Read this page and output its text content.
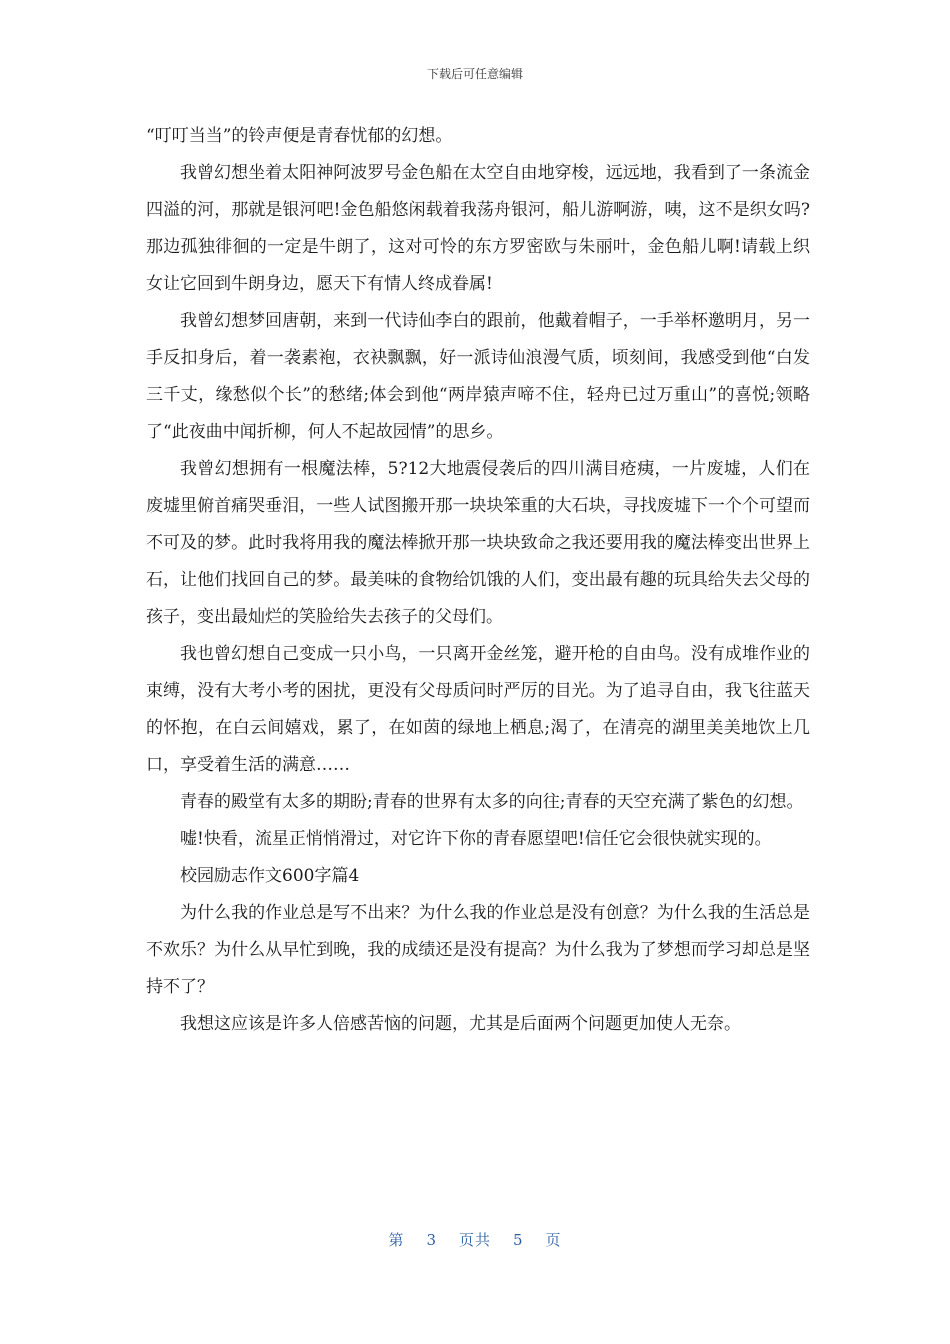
下载后可任意编辑

“叮叮当当”的铃声便是青春忧郁的幻想。

我曾幻想坐着太阳神阿波罗号金色船在太空自由地穿梭，远远地，我看到了一条流金四溢的河，那就是银河吧!金色船悠闲载着我荡舟银河，船儿游啊游，咦，这不是织女吗?那边孤独徘徊的一定是牛朗了，这对可怜的东方罗密欧与朱丽叶，金色船儿啊!请载上织女让它回到牛朗身边，愿天下有情人终成眷属!

我曾幻想梦回唐朝，来到一代诗仙李白的跟前，他戴着帽子，一手举杯邀明月，另一手反扣身后，着一袭素袍，衣袂飘飘，好一派诗仙浪漫气质，顷刻间，我感受到他“白发三千丈，缘愁似个长”的愁绪;体会到他“两岸猿声啼不住，轻舟已过万重山”的喜悦;领略了“此夜曲中闻折柳，何人不起故园情”的思乡。

我曾幻想拥有一根魔法棒，5?12大地震侵袭后的四川满目疮痍，一片废墟，人们在废墟里俯首痛哭垂泪，一些人试图搬开那一块块笨重的大石块，寻找废墟下一个个可望而不可及的梦。此时我将用我的魔法棒掀开那一块块致命之我还要用我的魔法棒变出世界上石，让他们找回自己的梦。最美味的食物给饥饿的人们，变出最有趣的玩具给失去父母的孩子，变出最灿烂的笑脸给失去孩子的父母们。

我也曾幻想自己变成一只小鸟，一只离开金丝笼，避开枪的自由鸟。没有成堆作业的束缚，没有大考小考的困扰，更没有父母质问时严厉的目光。为了追寻自由，我飞往蓝天的怀抱，在白云间嬉戏，累了，在如茵的绿地上栖息;渴了，在清亮的湖里美美地饮上几口，享受着生活的满意……

青春的殿堂有太多的期盼;青春的世界有太多的向往;青春的天空充满了紫色的幻想。

嘘!快看，流星正悄悄滑过，对它许下你的青春愿望吧!信任它会很快就实现的。

校园励志作文600字篇4

为什么我的作业总是写不出来？为什么我的作业总是没有创意？为什么我的生活总是不欢乐？为什么从早忙到晚，我的成绩还是没有提高？为什么我为了梦想而学习却总是坚持不了？

我想这应该是许多人倍感苦恼的问题，尤其是后面两个问题更加使人无奈。

第 3 页共 5 页
